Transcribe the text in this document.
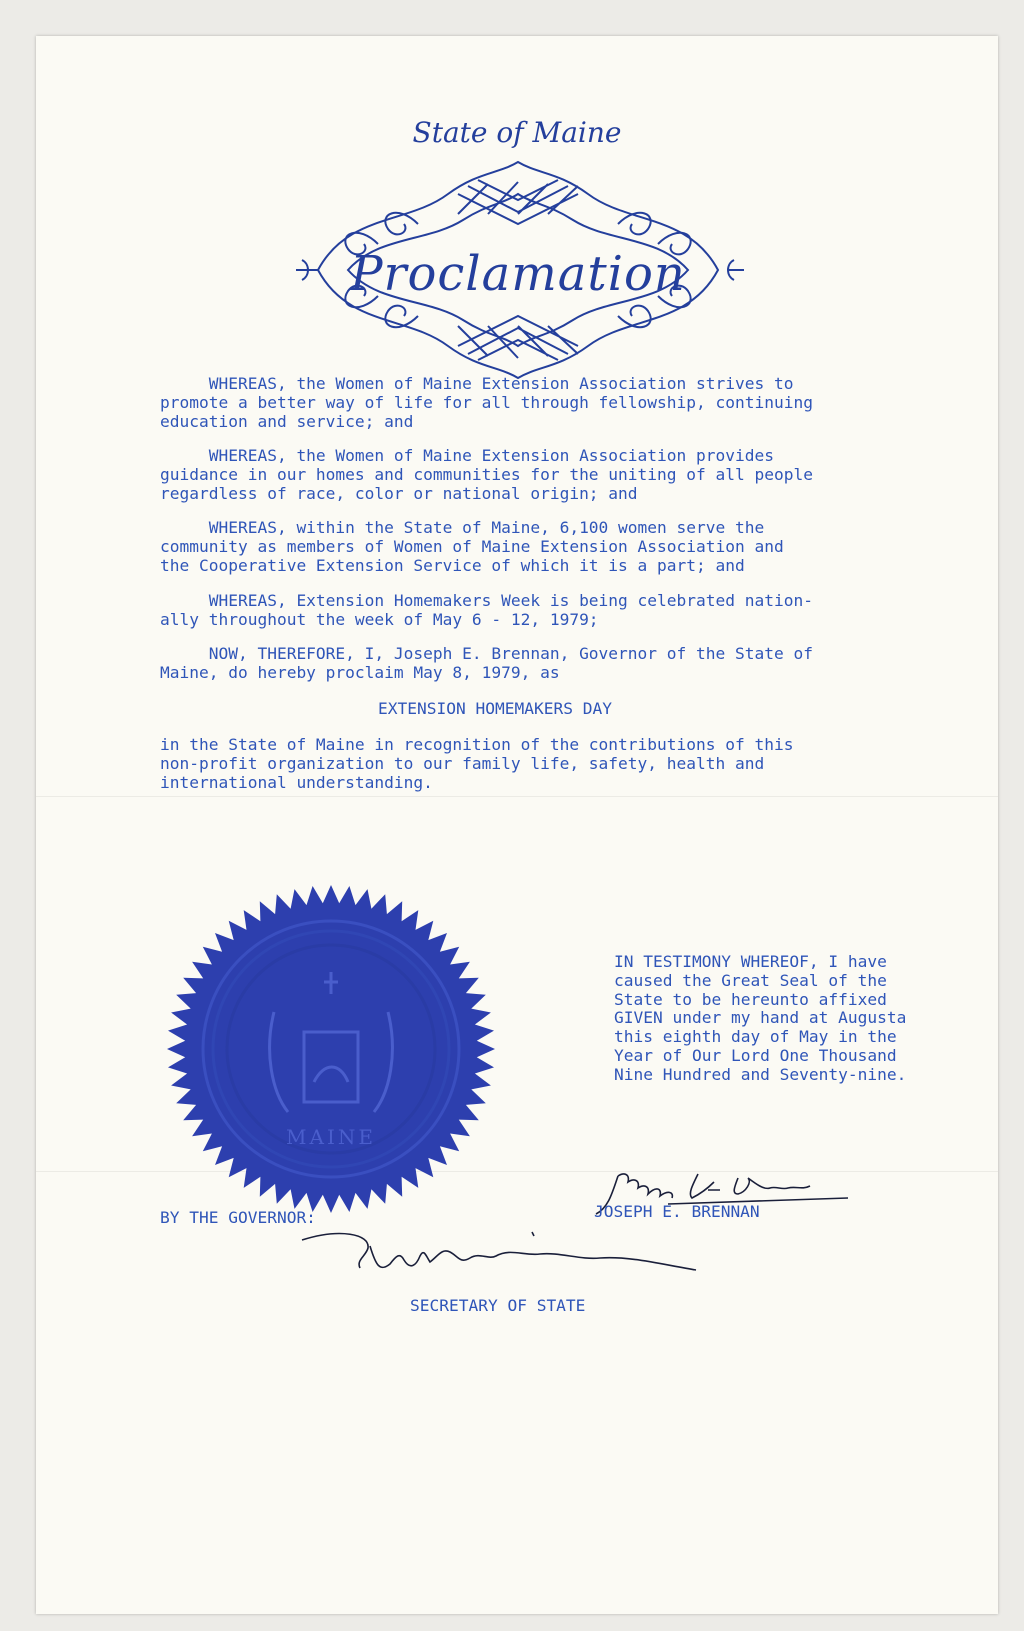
State of Maine
Proclamation
WHEREAS, the Women of Maine Extension Association strives to
promote a better way of life for all through fellowship, continuing
education and service; and
WHEREAS, the Women of Maine Extension Association provides
guidance in our homes and communities for the uniting of all people
regardless of race, color or national origin; and
WHEREAS, within the State of Maine, 6,100 women serve the
community as members of Women of Maine Extension Association and
the Cooperative Extension Service of which it is a part; and
WHEREAS, Extension Homemakers Week is being celebrated nation-
ally throughout the week of May 6 - 12, 1979;
NOW, THEREFORE, I, Joseph E. Brennan, Governor of the State of
Maine, do hereby proclaim May 8, 1979, as
EXTENSION HOMEMAKERS DAY
in the State of Maine in recognition of the contributions of this
non-profit organization to our family life, safety, health and
international understanding.
MAINE
IN TESTIMONY WHEREOF, I have
caused the Great Seal of the
State to be hereunto affixed
GIVEN under my hand at Augusta
this eighth day of May in the
Year of Our Lord One Thousand
Nine Hundred and Seventy-nine.
BY THE GOVERNOR:	JOSEPH E. BRENNAN
SECRETARY OF STATE
